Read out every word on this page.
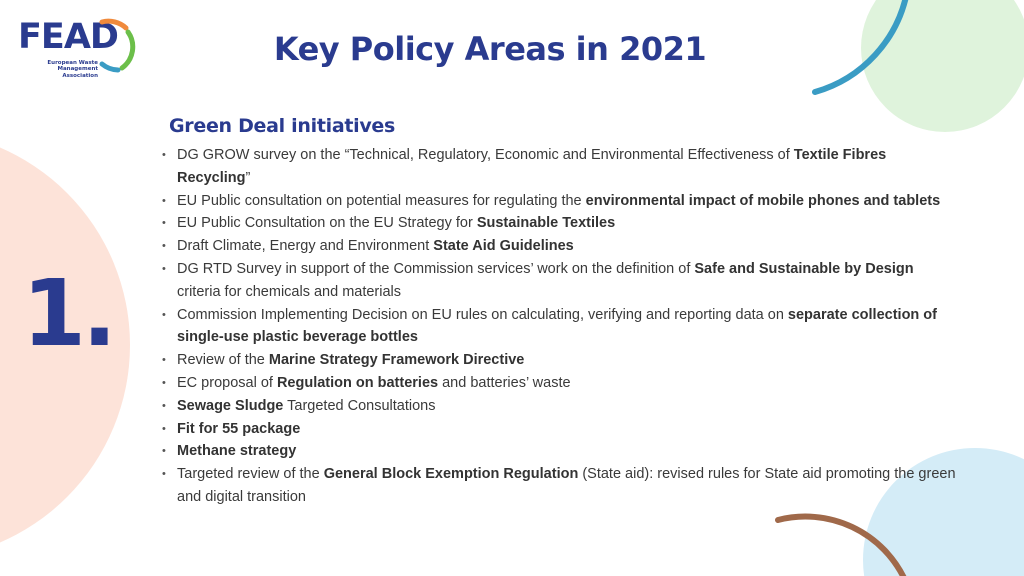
FEAD
European Waste
Management Association
Key Policy Areas in 2021
1.
Green Deal initiatives
• DG GROW survey on the “Technical, Regulatory, Economic and Environmental Effectiveness of Textile Fibres Recycling”
• EU Public consultation on potential measures for regulating the environmental impact of mobile phones and tablets
• EU Public Consultation on the EU Strategy for Sustainable Textiles
• Draft Climate, Energy and Environment State Aid Guidelines
• DG RTD Survey in support of the Commission services’ work on the definition of Safe and Sustainable by Design criteria for chemicals and materials
• Commission Implementing Decision on EU rules on calculating, verifying and reporting data on separate collection of single-use plastic beverage bottles
• Review of the Marine Strategy Framework Directive
• EC proposal of Regulation on batteries and batteries’ waste
• Sewage Sludge Targeted Consultations
• Fit for 55 package
• Methane strategy
• Targeted review of the General Block Exemption Regulation (State aid): revised rules for State aid promoting the green and digital transition
